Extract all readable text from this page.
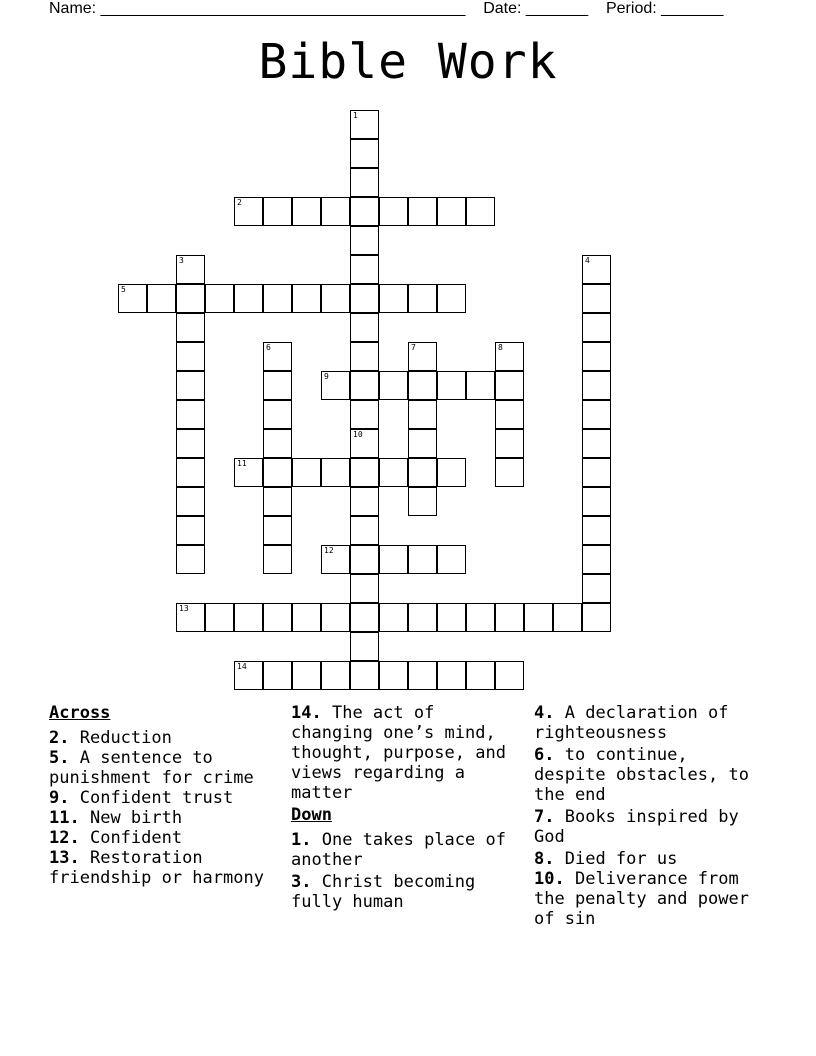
Name: _________________________________________ Date: _______ Period: _______
Bible Work
1
10
2
3	4
5
6	7	8
9
11
12
13
14

Across

2. Reduction

5. A sentence to punishment for crime

9. Confident trust

11. New birth

12. Confident

13. Restoration friendship or harmony

14. The act of changing one’s mind, thought, purpose, and views regarding a matter

Down

1. One takes place of another

3. Christ becoming fully human

4. A declaration of righteousness

6. to continue, despite obstacles, to the end

7. Books inspired by God

8. Died for us

10. Deliverance from the penalty and power of sin
